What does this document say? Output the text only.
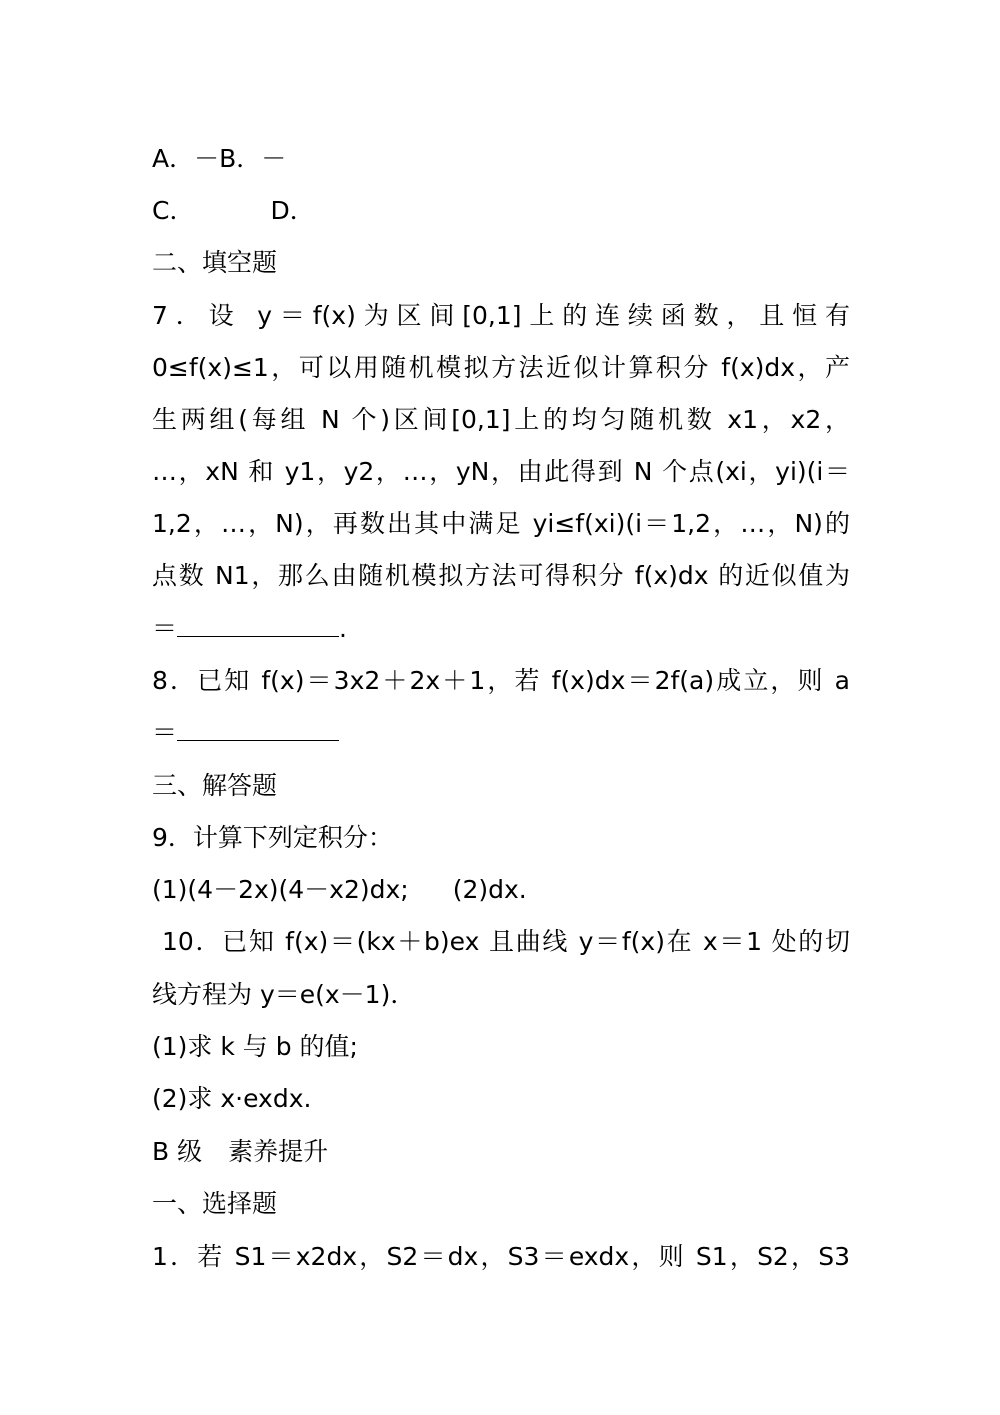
A．－B．－
C．	D．
二、填空题
7．设 y＝f(x)为区间[0,1]上的连续函数，且恒有
0≤f(x)≤1，可以用随机模拟方法近似计算积分 f(x)dx，产
生两组(每组 N 个)区间[0,1]上的均匀随机数 x1，x2，
…，xN 和 y1，y2，…，yN，由此得到 N 个点(xi，yi)(i＝
1,2，…，N)，再数出其中满足 yi≤f(xi)(i＝1,2，…，N)的
点数 N1，那么由随机模拟方法可得积分 f(x)dx 的近似值为
＝	.
8．已知 f(x)＝3x2＋2x＋1，若 f(x)dx＝2f(a)成立，则 a
＝
三、解答题
9．计算下列定积分：
(1)(4－2x)(4－x2)dx; (2)dx.
10．已知 f(x)＝(kx＋b)ex 且曲线 y＝f(x)在 x＝1 处的切
线方程为 y＝e(x－1)．
(1)求 k 与 b 的值;
(2)求 x·exdx.
B 级 素养提升
一、选择题
1．若 S1＝x2dx，S2＝dx，S3＝exdx，则 S1，S2，S3
